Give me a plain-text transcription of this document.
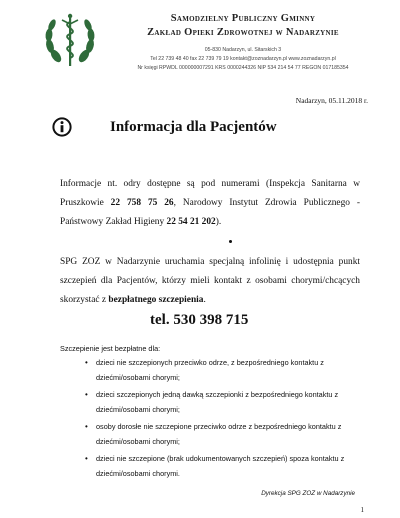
Samodzielny Publiczny Gminny
Zakład Opieki Zdrowotnej w Nadarzynie
05-830 Nadarzyn, ul. Sitarskich 3
Tel 22 739 48 40 fax 22 739 79 19 kontakt@zoznadarzyn.pl www.zoznadarzyn.pl
Nr księgi RPWDL 000000007291 KRS 0000244326 NIP 534 214 54 77 REGON 017185354
Nadarzyn, 05.11.2018 r.
Informacja dla Pacjentów
Informacje nt. odry dostępne są pod numerami (Inspekcja Sanitarna w Pruszkowie 22 758 75 26, Narodowy Instytut Zdrowia Publicznego - Państwowy Zakład Higieny 22 54 21 202).
SPG ZOZ w Nadarzynie uruchamia specjalną infolinię i udostępnia punkt szczepień dla Pacjentów, którzy mieli kontakt z osobami chorymi/chcących skorzystać z bezpłatnego szczepienia.
tel. 530 398 715
Szczepienie jest bezpłatne dla:
• dzieci nie szczepionych przeciwko odrze, z bezpośredniego kontaktu z dziećmi/osobami chorymi;
• dzieci szczepionych jedną dawką szczepionki z bezpośredniego kontaktu z dziećmi/osobami chorymi;
• osoby dorosłe nie szczepione przeciwko odrze z bezpośredniego kontaktu z dziećmi/osobami chorymi;
• dzieci nie szczepione (brak udokumentowanych szczepień) spoza kontaktu z dziećmi/osobami chorymi.
Dyrekcja SPG ZOZ w Nadarzynie
1
